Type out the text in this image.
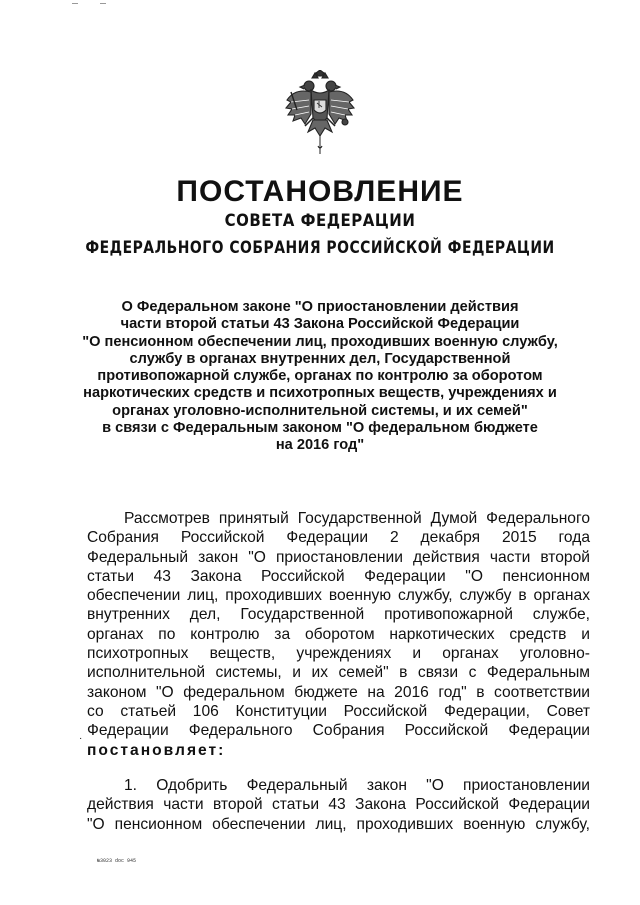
ПОСТАНОВЛЕНИЕ
СОВЕТА ФЕДЕРАЦИИ
ФЕДЕРАЛЬНОГО СОБРАНИЯ РОССИЙСКОЙ ФЕДЕРАЦИИ
О Федеральном законе "О приостановлении действия
части второй статьи 43 Закона Российской Федерации
"О пенсионном обеспечении лиц, проходивших военную службу,
службу в органах внутренних дел, Государственной
противопожарной службе, органах по контролю за оборотом
наркотических средств и психотропных веществ, учреждениях и
органах уголовно-исполнительной системы, и их семей"
в связи с Федеральным законом "О федеральном бюджете
на 2016 год"
·
Рассмотрев принятый Государственной Думой Федерального
Собрания Российской Федерации 2 декабря 2015 года
Федеральный закон "О приостановлении действия части второй
статьи 43 Закона Российской Федерации "О пенсионном
обеспечении лиц, проходивших военную службу, службу в органах
внутренних дел, Государственной противопожарной службе,
органах по контролю за оборотом наркотических средств и
психотропных веществ, учреждениях и органах уголовно-
исполнительной системы, и их семей" в связи с Федеральным
законом "О федеральном бюджете на 2016 год" в соответствии
со статьей 106 Конституции Российской Федерации, Совет
Федерации Федерального Собрания Российской Федерации
постановляет:
1. Одобрить Федеральный закон "О приостановлении
действия части второй статьи 43 Закона Российской Федерации
"О пенсионном обеспечении лиц, проходивших военную службу,
№3023 doc 945
